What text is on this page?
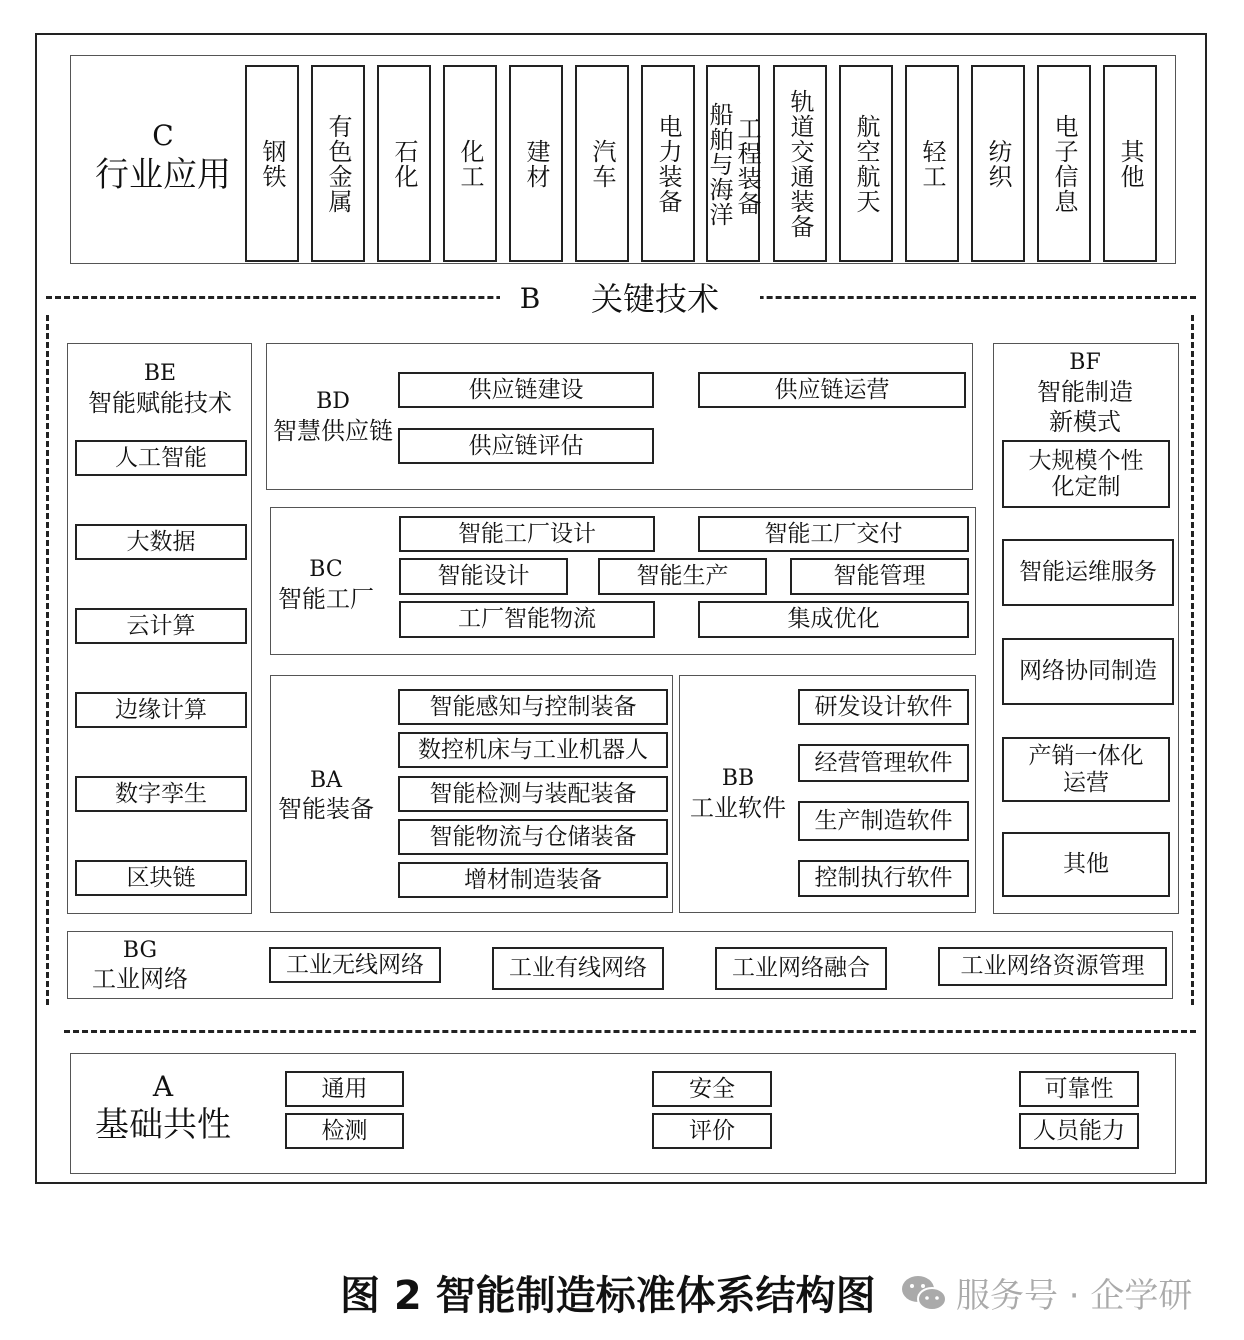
C
行业应用 钢铁 有色金属 石化 化工 建材 汽车 电力装备 船舶与海洋 工程装备 轨道交通装备 航空航天 轻工 纺织 电子信息 其他
B 关键技术
BE
智能赋能技术
人工智能
大数据
云计算
边缘计算
数字孪生
区块链
BD
智慧供应链
供应链建设	供应链运营
供应链评估
BC
智能工厂
智能工厂设计	智能工厂交付
智能设计	智能生产	智能管理
工厂智能物流	集成优化
BA
智能装备
智能感知与控制装备
数控机床与工业机器人
智能检测与装配装备
智能物流与仓储装备
增材制造装备
BB
工业软件
研发设计软件
经营管理软件
生产制造软件
控制执行软件
BF
智能制造
新模式
大规模个性化定制
智能运维服务
网络协同制造
产销一体化运营
其他
BG
工业网络
工业无线网络	工业有线网络	工业网络融合	工业网络资源管理
A
基础共性
通用
检测
安全
评价
可靠性
人员能力
图 2 智能制造标准体系结构图 服务号 · 企学研
